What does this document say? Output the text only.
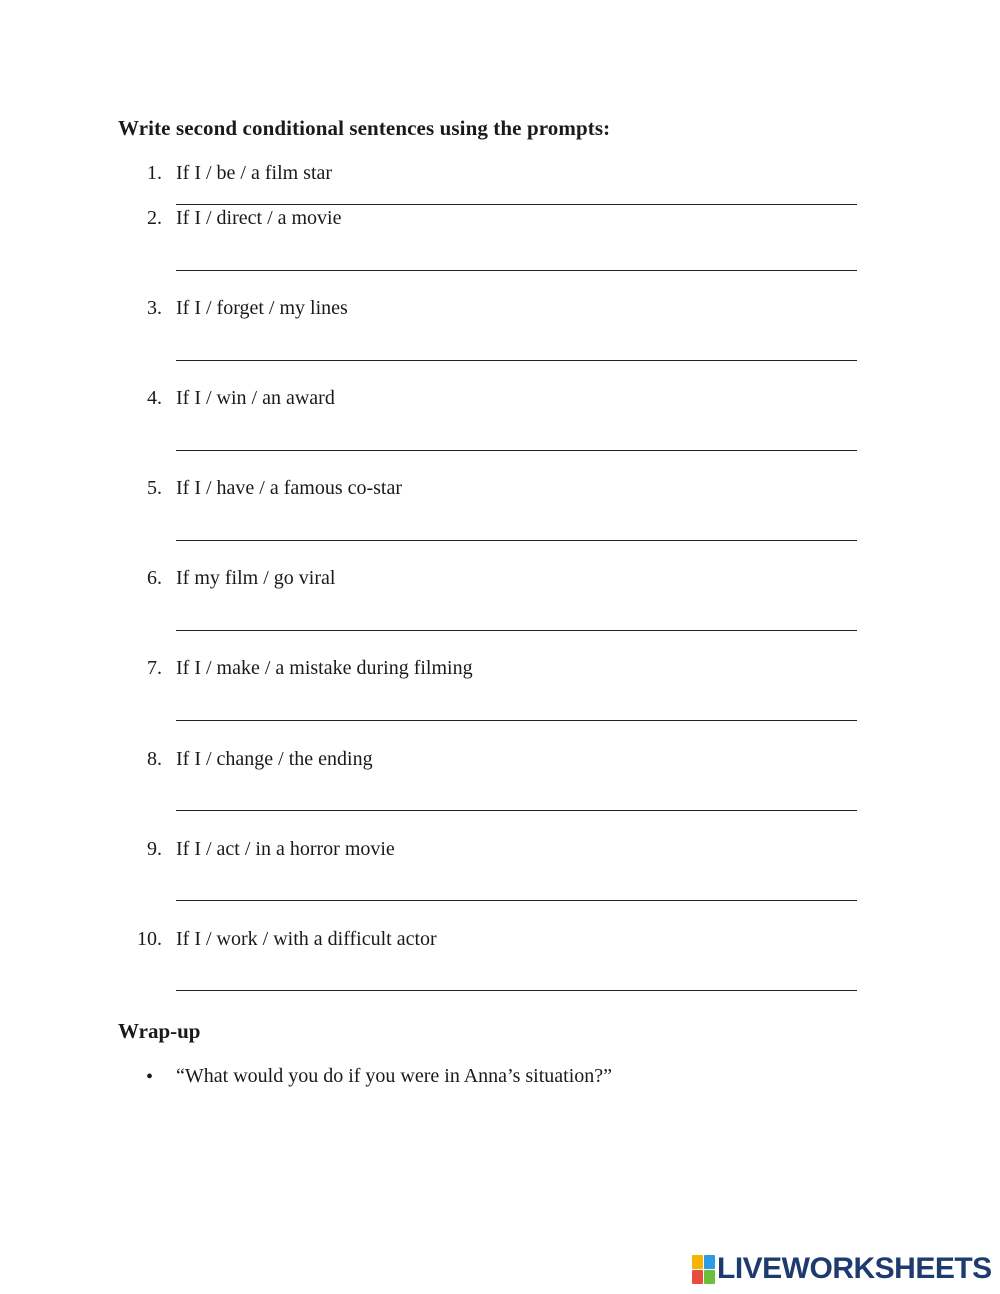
Write second conditional sentences using the prompts:
1. If I / be / a film star
2. If I / direct / a movie
3. If I / forget / my lines
4. If I / win / an award
5. If I / have / a famous co-star
6. If my film / go viral
7. If I / make / a mistake during filming
8. If I / change / the ending
9. If I / act / in a horror movie
10. If I / work / with a difficult actor
Wrap-up
• “What would you do if you were in Anna’s situation?”
LIVEWORKSHEETS
